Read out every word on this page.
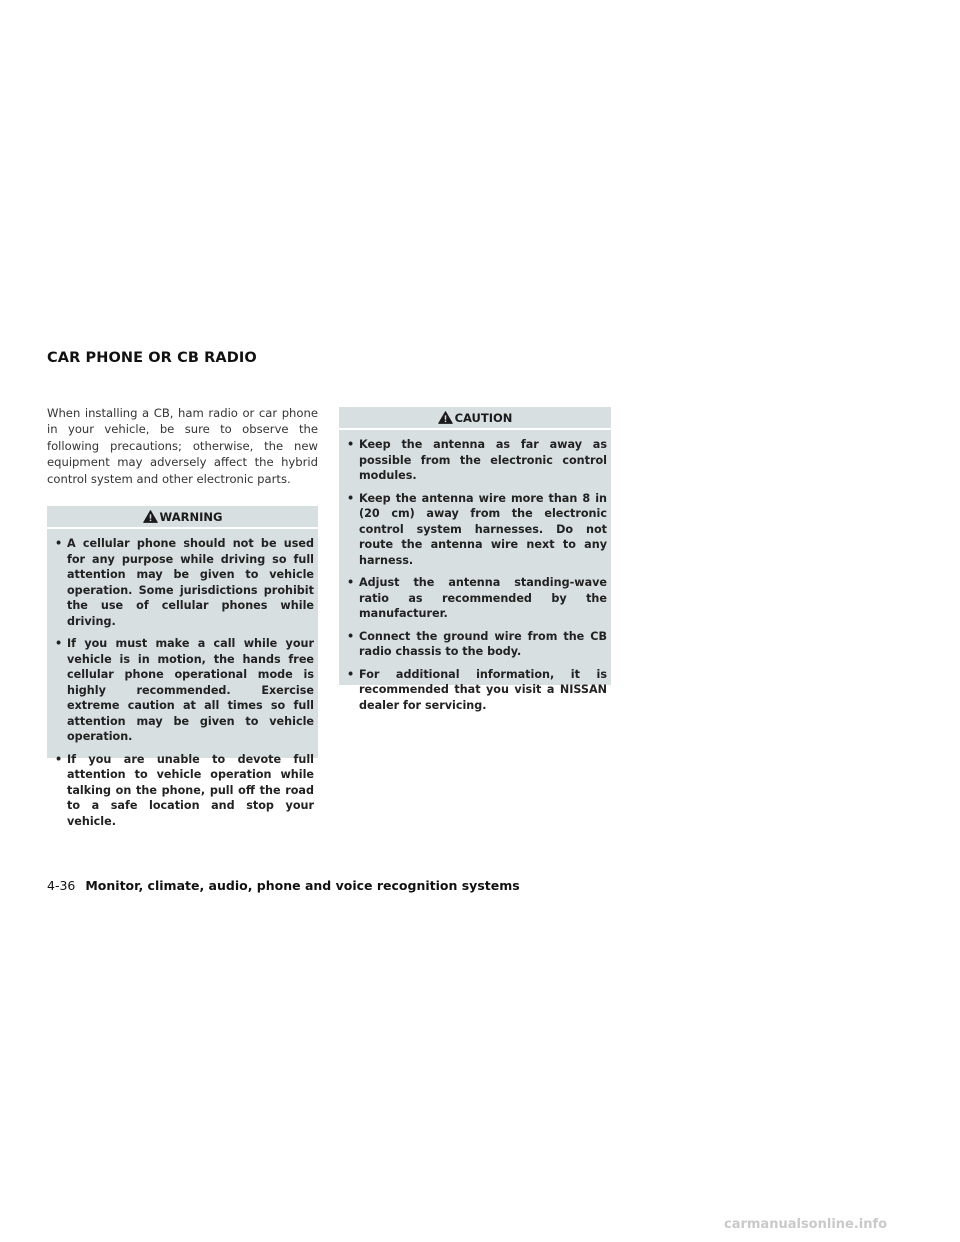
CAR PHONE OR CB RADIO

When installing a CB, ham radio or car phone in your vehicle, be sure to observe the following precautions; otherwise, the new equipment may adversely affect the hybrid control system and other electronic parts.

WARNING
• A cellular phone should not be used for any purpose while driving so full attention may be given to vehicle operation. Some jurisdictions prohibit the use of cellular phones while driving.
• If you must make a call while your vehicle is in motion, the hands free cellular phone operational mode is highly recommended. Exercise extreme caution at all times so full attention may be given to vehicle operation.
• If you are unable to devote full attention to vehicle operation while talking on the phone, pull off the road to a safe location and stop your vehicle.
CAUTION
• Keep the antenna as far away as possible from the electronic control modules.
• Keep the antenna wire more than 8 in (20 cm) away from the electronic control system harnesses. Do not route the antenna wire next to any harness.
• Adjust the antenna standing-wave ratio as recommended by the manufacturer.
• Connect the ground wire from the CB radio chassis to the body.
• For additional information, it is recommended that you visit a NISSAN dealer for servicing.
4-36 Monitor, climate, audio, phone and voice recognition systems
carmanualsonline.info
